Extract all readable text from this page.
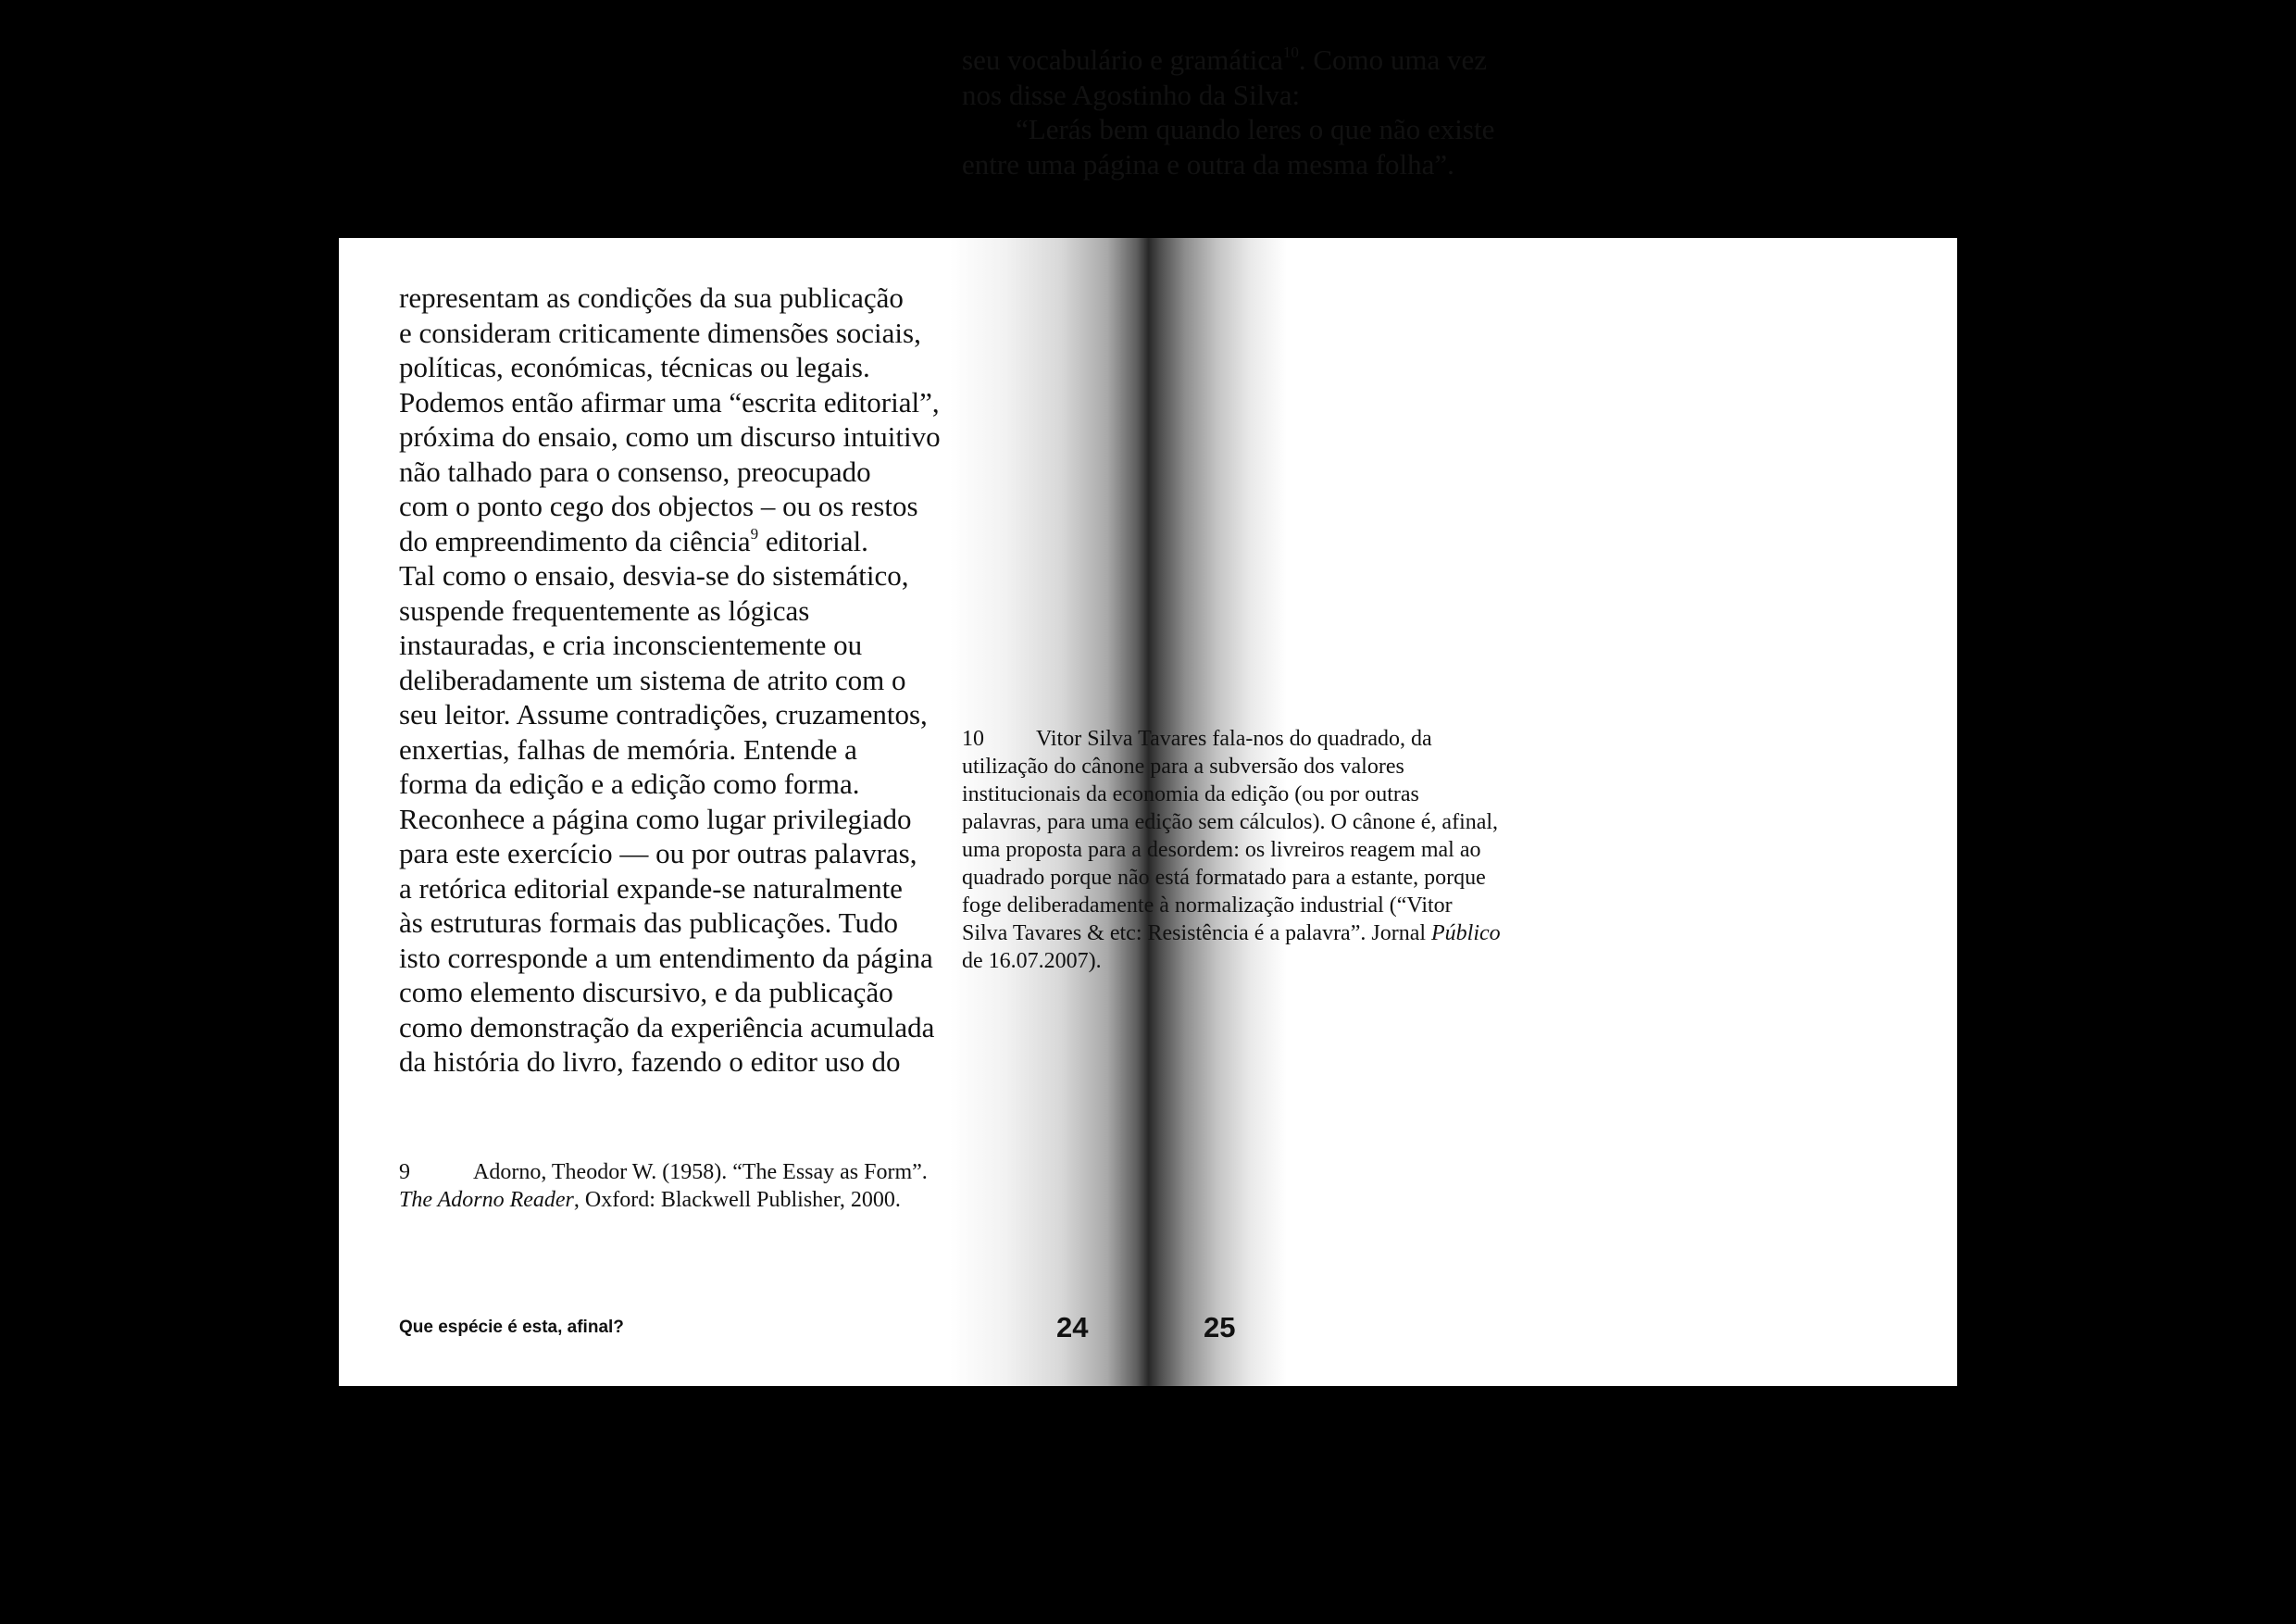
representam as condições da sua publicação

e consideram criticamente dimensões sociais,

políticas, económicas, técnicas ou legais.

Podemos então afirmar uma “escrita editorial”,

próxima do ensaio, como um discurso intuitivo

não talhado para o consenso, preocupado

com o ponto cego dos objectos – ou os restos

do empreendimento da ciência$^9$ editorial.

Tal como o ensaio, desvia-se do sistemático,

suspende frequentemente as lógicas

instauradas, e cria inconscientemente ou

deliberadamente um sistema de atrito com o

seu leitor. Assume contradições, cruzamentos,

enxertias, falhas de memória. Entende a

forma da edição e a edição como forma.

Reconhece a página como lugar privilegiado

para este exercício — ou por outras palavras,

a retórica editorial expande-se naturalmente

às estruturas formais das publicações. Tudo

isto corresponde a um entendimento da página

como elemento discursivo, e da publicação

como demonstração da experiência acumulada

da história do livro, fazendo o editor uso do

9	Adorno, Theodor W. (1958). “The Essay as Form”.

The Adorno Reader, Oxford: Blackwell Publisher, 2000.

Que espécie é esta, afinal?	24

seu vocabulário e gramática$^{10}$. Como uma vez

nos disse Agostinho da Silva:

“Lerás bem quando leres o que não existe

entre uma página e outra da mesma folha”.

10 Vitor Silva Tavares fala-nos do quadrado, da

utilização do cânone para a subversão dos valores

institucionais da economia da edição (ou por outras

palavras, para uma edição sem cálculos). O cânone é, afinal,

uma proposta para a desordem: os livreiros reagem mal ao

quadrado porque não está formatado para a estante, porque

foge deliberadamente à normalização industrial (“Vitor

Silva Tavares & etc: Resistência é a palavra”. Jornal Público

de 16.07.2007).

25
